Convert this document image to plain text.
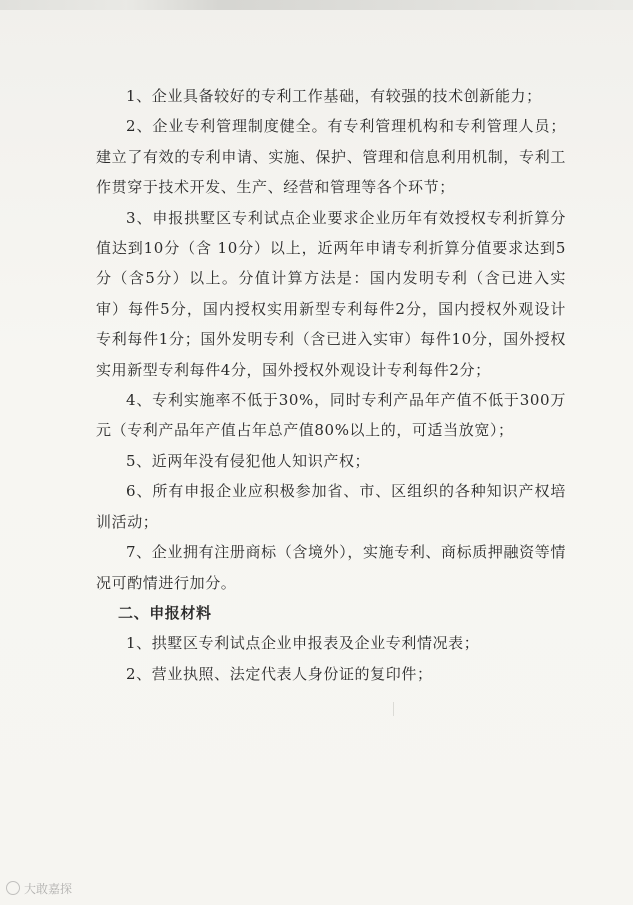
1、企业具备较好的专利工作基础，有较强的技术创新能力；

2、企业专利管理制度健全。有专利管理机构和专利管理人员；建立了有效的专利申请、实施、保护、管理和信息利用机制，专利工作贯穿于技术开发、生产、经营和管理等各个环节；

3、申报拱墅区专利试点企业要求企业历年有效授权专利折算分值达到10分（含 10分）以上，近两年申请专利折算分值要求达到5分（含5分）以上。分值计算方法是：国内发明专利（含已进入实审）每件5分，国内授权实用新型专利每件2分，国内授权外观设计专利每件1分；国外发明专利（含已进入实审）每件10分，国外授权实用新型专利每件4分，国外授权外观设计专利每件2分；

4、专利实施率不低于30%，同时专利产品年产值不低于300万元（专利产品年产值占年总产值80%以上的，可适当放宽）；

5、近两年没有侵犯他人知识产权；

6、所有申报企业应积极参加省、市、区组织的各种知识产权培训活动；

7、企业拥有注册商标（含境外），实施专利、商标质押融资等情况可酌情进行加分。

二、申报材料

1、拱墅区专利试点企业申报表及企业专利情况表；

2、营业执照、法定代表人身份证的复印件；

大敢嘉探
